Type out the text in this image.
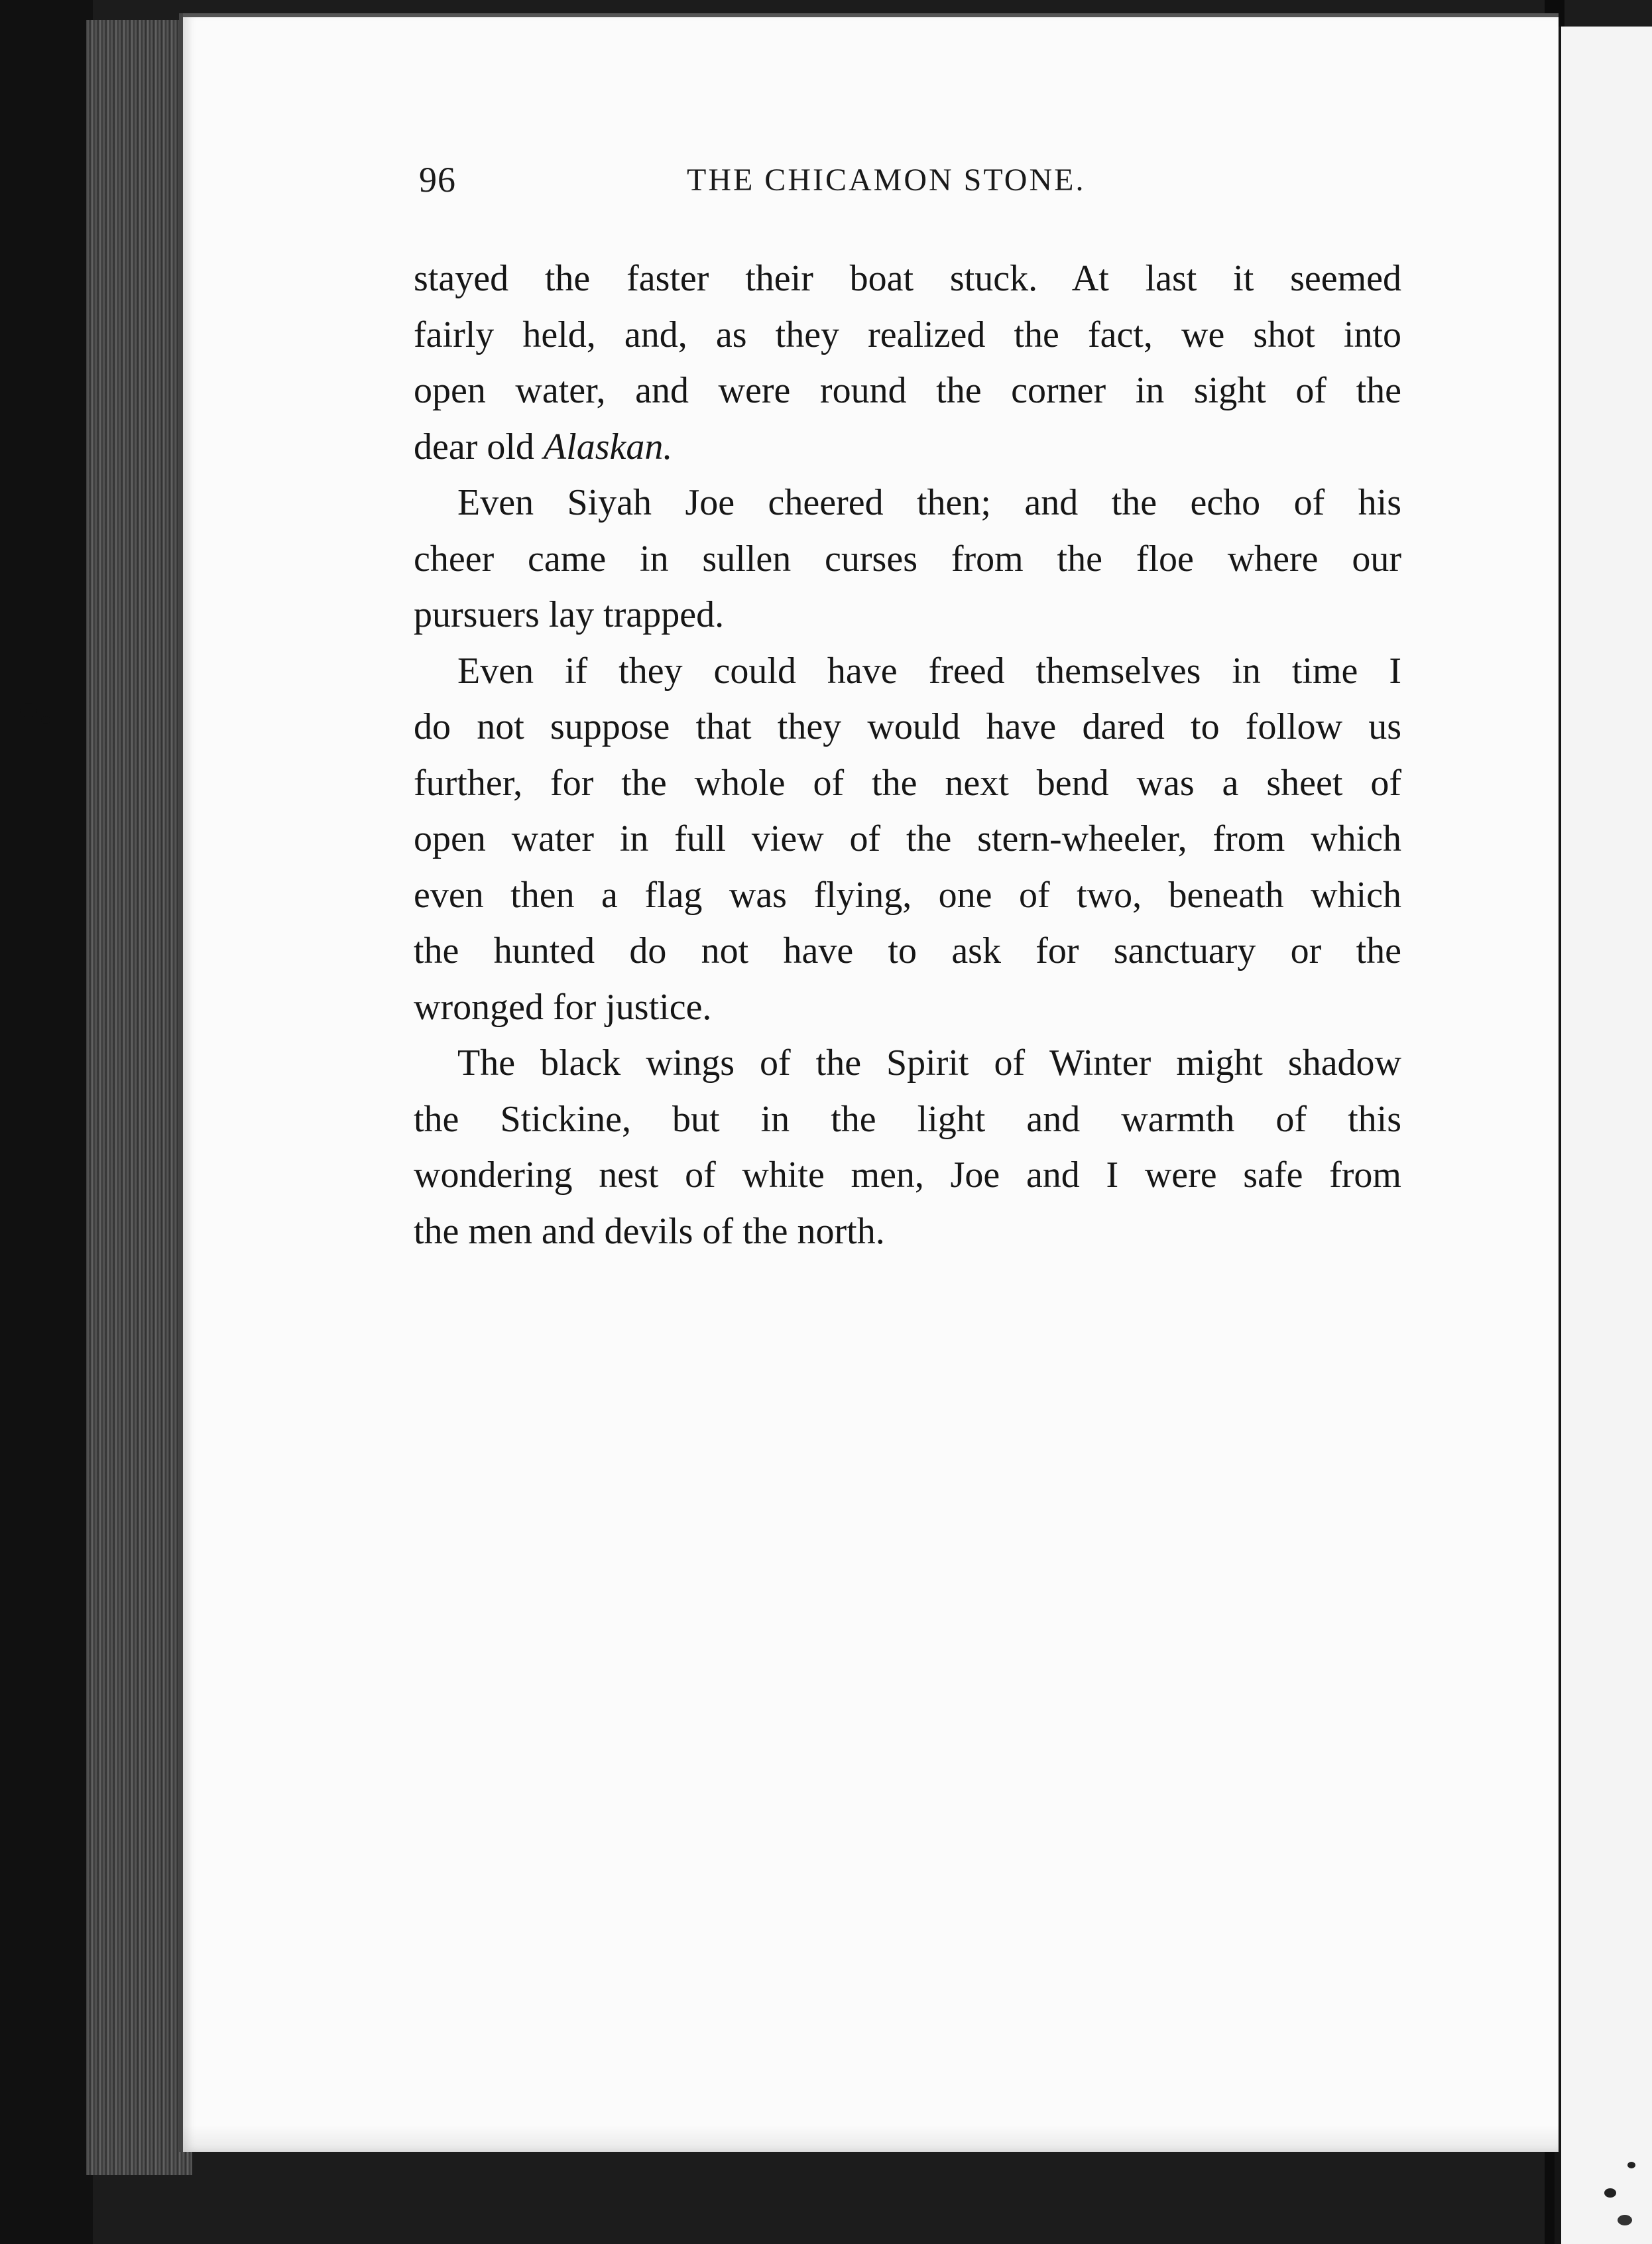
96	THE CHICAMON STONE.
stayed the faster their boat stuck. At last it seemed
fairly held, and, as they realized the fact, we shot into
open water, and were round the corner in sight of the
dear old Alaskan.
Even Siyah Joe cheered then; and the echo of his
cheer came in sullen curses from the floe where our
pursuers lay trapped.
Even if they could have freed themselves in time I
do not suppose that they would have dared to follow us
further, for the whole of the next bend was a sheet of
open water in full view of the stern-wheeler, from which
even then a flag was flying, one of two, beneath which
the hunted do not have to ask for sanctuary or the
wronged for justice.
The black wings of the Spirit of Winter might shadow
the Stickine, but in the light and warmth of this
wondering nest of white men, Joe and I were safe from
the men and devils of the north.
